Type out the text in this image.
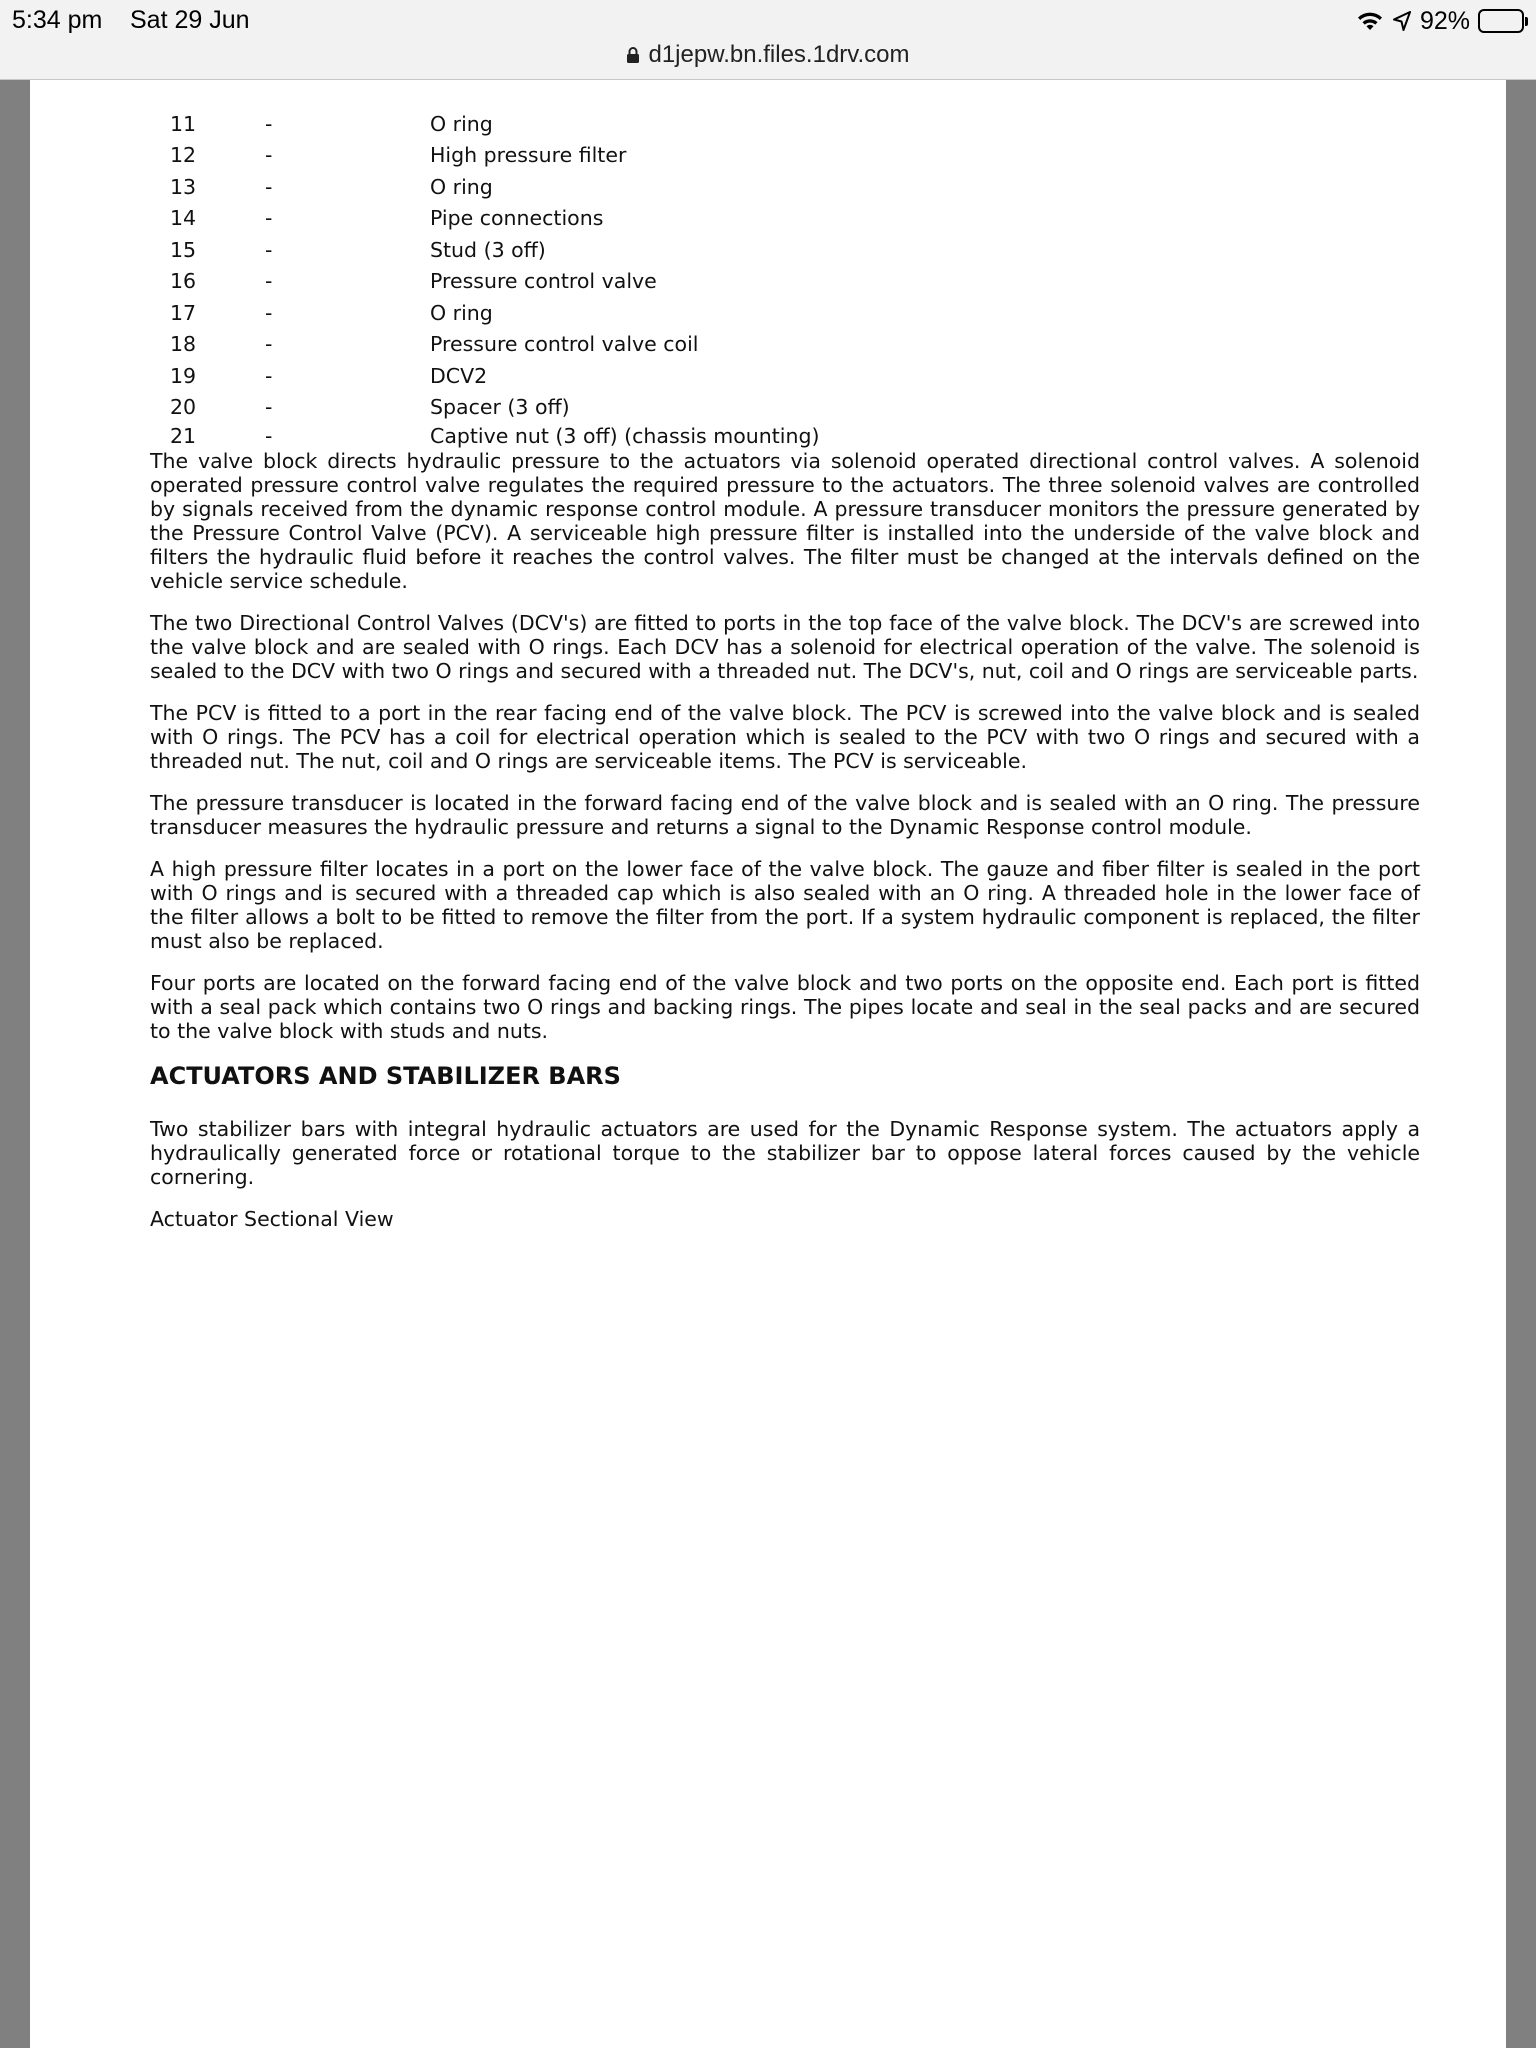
5:34 pm Sat 29 Jun	92%
d1jepw.bn.files.1drv.com
11	-	O ring
12	-	High pressure filter
13	-	O ring
14	-	Pipe connections
15	-	Stud (3 off)
16	-	Pressure control valve
17	-	O ring
18	-	Pressure control valve coil
19	-	DCV2
20	-	Spacer (3 off)
21	-	Captive nut (3 off) (chassis mounting)

The valve block directs hydraulic pressure to the actuators via solenoid operated directional control valves. A solenoid operated pressure control valve regulates the required pressure to the actuators. The three solenoid valves are controlled by signals received from the dynamic response control module. A pressure transducer monitors the pressure generated by the Pressure Control Valve (PCV). A serviceable high pressure filter is installed into the underside of the valve block and filters the hydraulic fluid before it reaches the control valves. The filter must be changed at the intervals defined on the vehicle service schedule.

The two Directional Control Valves (DCV's) are fitted to ports in the top face of the valve block. The DCV's are screwed into the valve block and are sealed with O rings. Each DCV has a solenoid for electrical operation of the valve. The solenoid is sealed to the DCV with two O rings and secured with a threaded nut. The DCV's, nut, coil and O rings are serviceable parts.

The PCV is fitted to a port in the rear facing end of the valve block. The PCV is screwed into the valve block and is sealed with O rings. The PCV has a coil for electrical operation which is sealed to the PCV with two O rings and secured with a threaded nut. The nut, coil and O rings are serviceable items. The PCV is serviceable.

The pressure transducer is located in the forward facing end of the valve block and is sealed with an O ring. The pressure transducer measures the hydraulic pressure and returns a signal to the Dynamic Response control module.

A high pressure filter locates in a port on the lower face of the valve block. The gauze and fiber filter is sealed in the port with O rings and is secured with a threaded cap which is also sealed with an O ring. A threaded hole in the lower face of the filter allows a bolt to be fitted to remove the filter from the port. If a system hydraulic component is replaced, the filter must also be replaced.

Four ports are located on the forward facing end of the valve block and two ports on the opposite end. Each port is fitted with a seal pack which contains two O rings and backing rings. The pipes locate and seal in the seal packs and are secured to the valve block with studs and nuts.

ACTUATORS AND STABILIZER BARS

Two stabilizer bars with integral hydraulic actuators are used for the Dynamic Response system. The actuators apply a hydraulically generated force or rotational torque to the stabilizer bar to oppose lateral forces caused by the vehicle cornering.

Actuator Sectional View
